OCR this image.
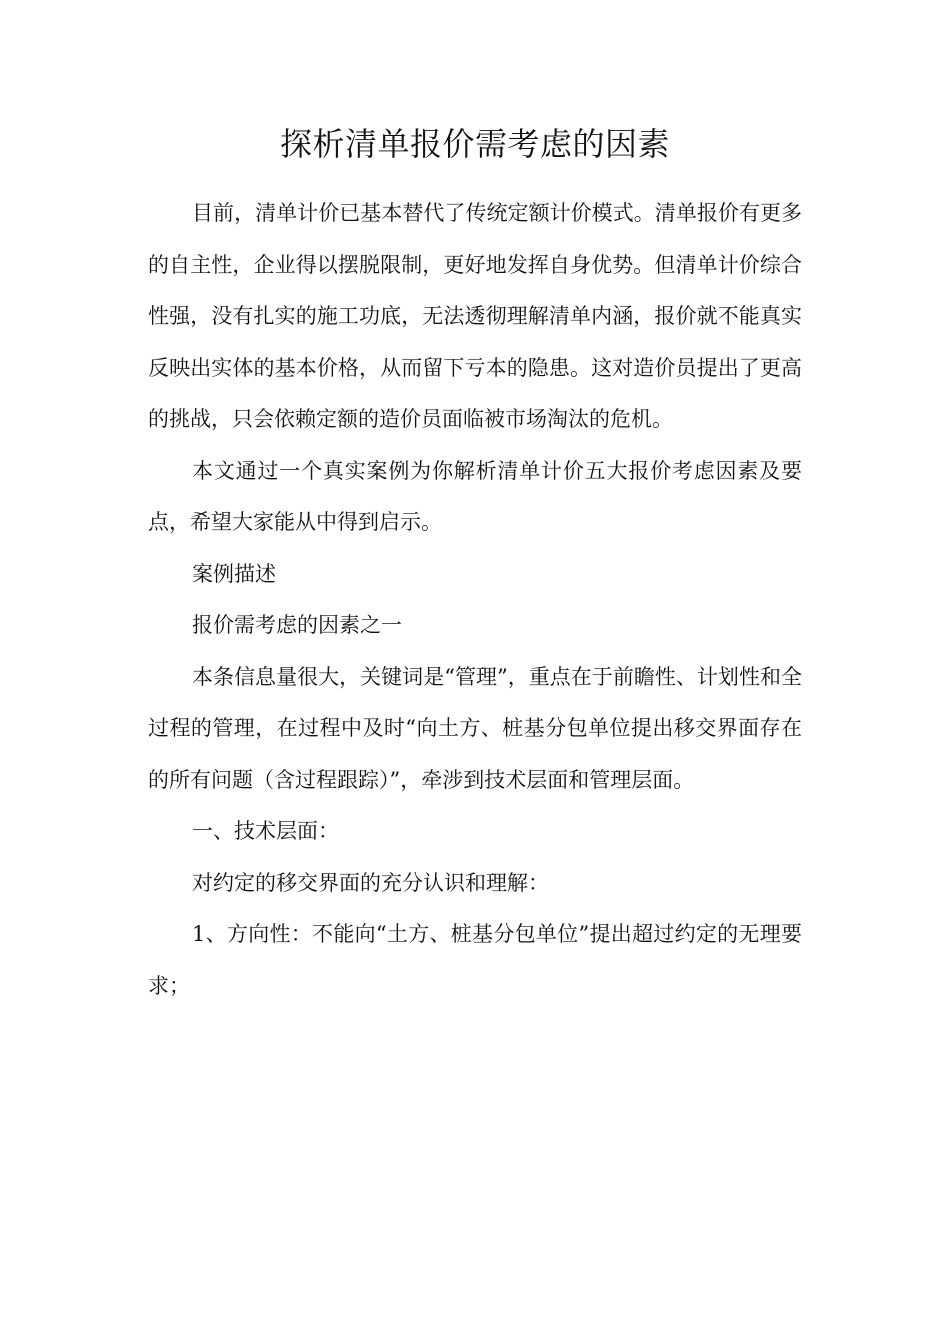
探析清单报价需考虑的因素

目前，清单计价已基本替代了传统定额计价模式。清单报价有更多的自主性，企业得以摆脱限制，更好地发挥自身优势。但清单计价综合性强，没有扎实的施工功底，无法透彻理解清单内涵，报价就不能真实反映出实体的基本价格，从而留下亏本的隐患。这对造价员提出了更高的挑战，只会依赖定额的造价员面临被市场淘汰的危机。

本文通过一个真实案例为你解析清单计价五大报价考虑因素及要点，希望大家能从中得到启示。

案例描述

报价需考虑的因素之一

本条信息量很大，关键词是“管理”，重点在于前瞻性、计划性和全过程的管理，在过程中及时“向土方、桩基分包单位提出移交界面存在的所有问题（含过程跟踪）”，牵涉到技术层面和管理层面。

一、技术层面：

对约定的移交界面的充分认识和理解：

1、方向性：不能向“土方、桩基分包单位”提出超过约定的无理要求；
